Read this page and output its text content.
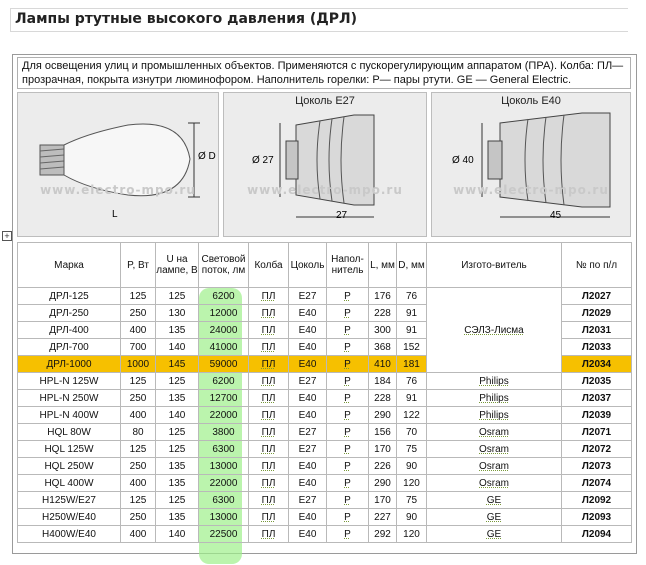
Лампы ртутные высокого давления (ДРЛ)
Для освещения улиц и промышленных объектов. Применяются с пускорегулирующим аппаратом (ПРА). Колба: ПЛ— прозрачная, покрыта изнутри люминофором. Наполнитель горелки: Р— пары ртути. GE — General Electric.
Ø D
L
www.electro-mpo.ru
Цоколь E27
Ø 27
27
www.electro-mpo.ru
Цоколь E40
Ø 40
45
www.electro-mpo.ru
+
Марка	P, Вт	U на лампе, В	Световой поток, лм	Колба	Цоколь	Напол-нитель	L, мм	D, мм	Изгото-витель	№ по п/л
ДРЛ-125	125	125	6200	ПЛ	E27	Р	176	76	СЭЛЗ-Лисма	Л2027
ДРЛ-250	250	130	12000	ПЛ	E40	Р	228	91		Л2029
ДРЛ-400	400	135	24000	ПЛ	E40	Р	300	91		Л2031
ДРЛ-700	700	140	41000	ПЛ	E40	Р	368	152		Л2033
ДРЛ-1000	1000	145	59000	ПЛ	E40	Р	410	181		Л2034
HPL-N 125W	125	125	6200	ПЛ	E27	Р	184	76	Philips	Л2035
HPL-N 250W	250	135	12700	ПЛ	E40	Р	228	91	Philips	Л2037
HPL-N 400W	400	140	22000	ПЛ	E40	Р	290	122	Philips	Л2039
HQL 80W	80	125	3800	ПЛ	E27	Р	156	70	Osram	Л2071
HQL 125W	125	125	6300	ПЛ	E27	Р	170	75	Osram	Л2072
HQL 250W	250	135	13000	ПЛ	E40	Р	226	90	Osram	Л2073
HQL 400W	400	135	22000	ПЛ	E40	Р	290	120	Osram	Л2074
H125W/E27	125	125	6300	ПЛ	E27	Р	170	75	GE	Л2092
H250W/E40	250	135	13000	ПЛ	E40	Р	227	90	GE	Л2093
H400W/E40	400	140	22500	ПЛ	E40	Р	292	120	GE	Л2094
